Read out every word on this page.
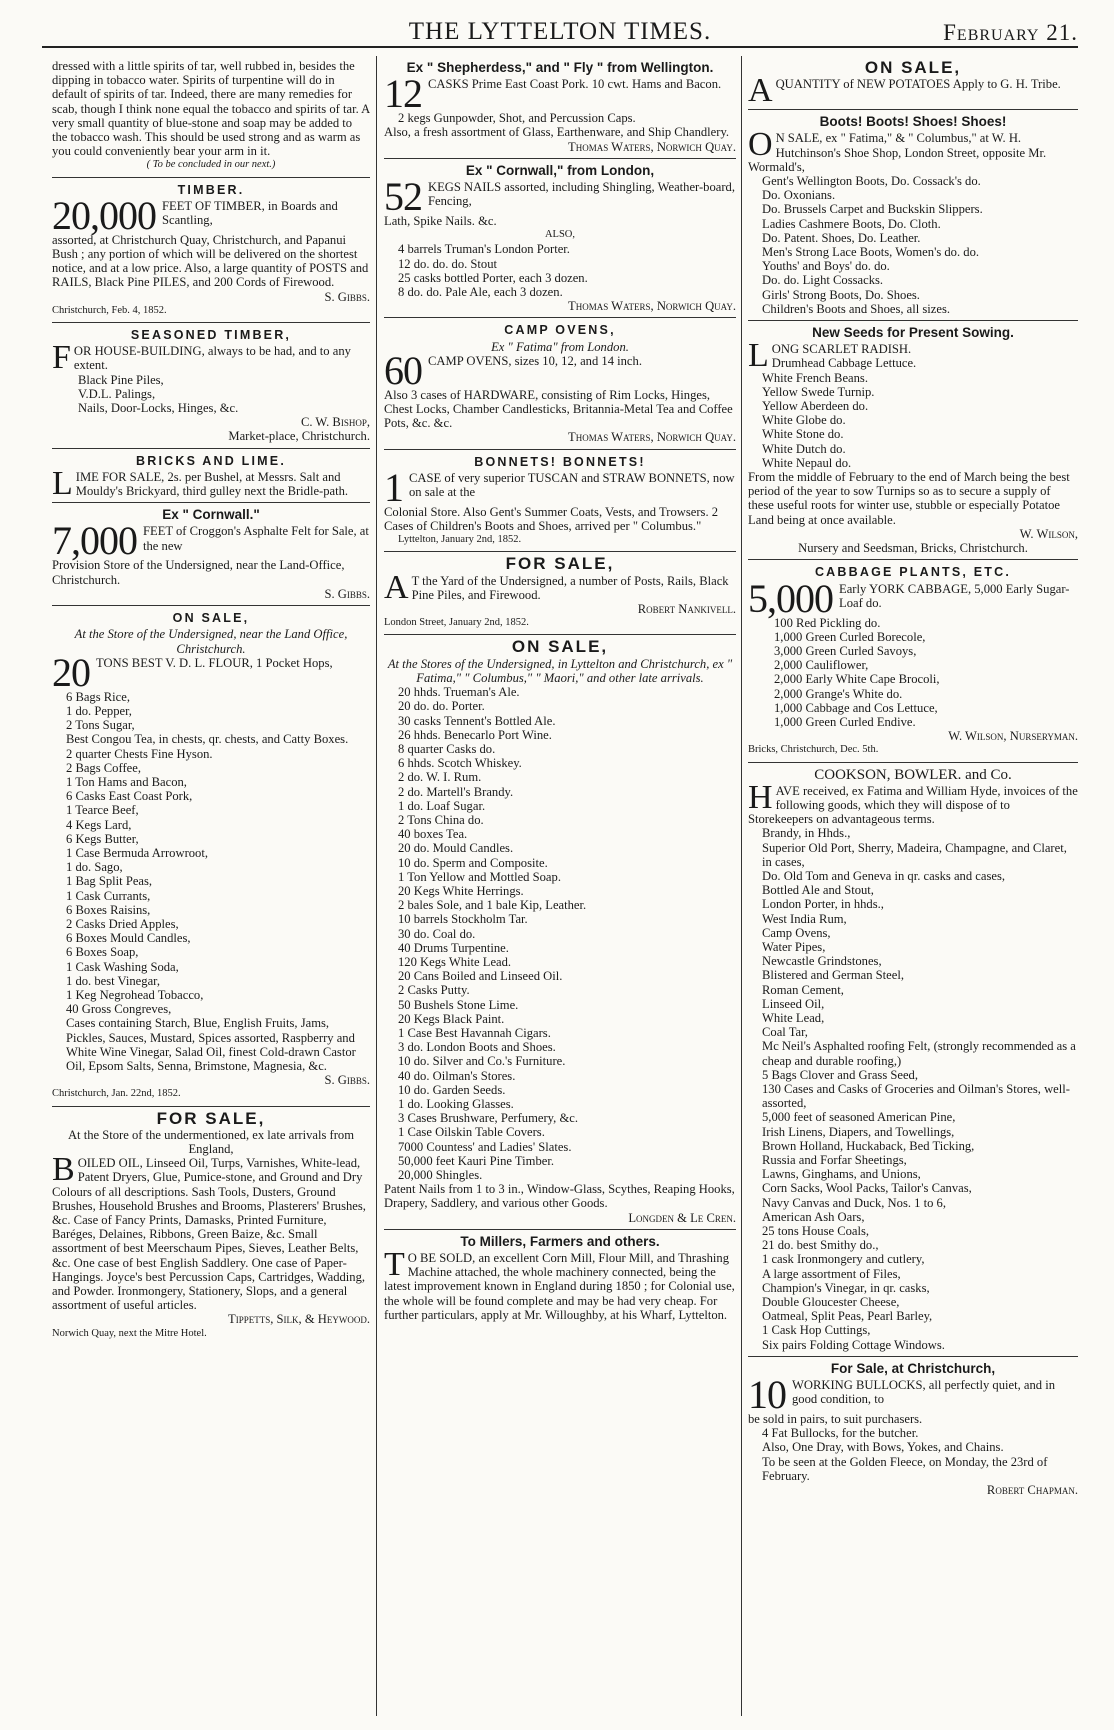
THE LYTTELTON TIMES.	February 21.

dressed with a little spirits of tar, well rubbed in, besides the dipping in tobacco water. Spirits of turpentine will do in default of spirits of tar. Indeed, there are many remedies for scab, though I think none equal the tobacco and spirits of tar. A very small quantity of blue-stone and soap may be added to the tobacco wash. This should be used strong and as warm as you could conveniently bear your arm in it.

( To be concluded in our next.)

TIMBER.
20,000 FEET OF TIMBER, in Boards and Scantling,

assorted, at Christchurch Quay, Christchurch, and Papanui Bush ; any portion of which will be delivered on the shortest notice, and at a low price. Also, a large quantity of POSTS and RAILS, Black Pine PILES, and 200 Cords of Firewood.

S. Gibbs.

Christchurch, Feb. 4, 1852.

SEASONED TIMBER,
F OR HOUSE-BUILDING, always to be had, and to any extent.

Black Pine Piles,

V.D.L. Palings,

Nails, Door-Locks, Hinges, &c.

C. W. Bishop,

Market-place, Christchurch.

BRICKS AND LIME.
L IME FOR SALE, 2s. per Bushel, at Messrs. Salt and Mouldy's Brickyard, third gulley next the Bridle-path.

Ex " Cornwall."
7,000 FEET of Croggon's Asphalte Felt for Sale, at the new

Provision Store of the Undersigned, near the Land-Office, Christchurch.

S. Gibbs.

ON SALE,

At the Store of the Undersigned, near the Land Office, Christchurch.

20 TONS BEST V. D. L. FLOUR, 1 Pocket Hops,

6 Bags Rice,

1 do. Pepper,

2 Tons Sugar,

Best Congou Tea, in chests, qr. chests, and Catty Boxes.

2 quarter Chests Fine Hyson.

2 Bags Coffee,

1 Ton Hams and Bacon,

6 Casks East Coast Pork,

1 Tearce Beef,

4 Kegs Lard,

6 Kegs Butter,

1 Case Bermuda Arrowroot,

1 do. Sago,

1 Bag Split Peas,

1 Cask Currants,

6 Boxes Raisins,

2 Casks Dried Apples,

6 Boxes Mould Candles,

6 Boxes Soap,

1 Cask Washing Soda,

1 do. best Vinegar,

1 Keg Negrohead Tobacco,

40 Gross Congreves,

Cases containing Starch, Blue, English Fruits, Jams, Pickles, Sauces, Mustard, Spices assorted, Raspberry and White Wine Vinegar, Salad Oil, finest Cold-drawn Castor Oil, Epsom Salts, Senna, Brimstone, Magnesia, &c.

S. Gibbs.

Christchurch, Jan. 22nd, 1852.

FOR SALE,

At the Store of the undermentioned, ex late arrivals from England,

B OILED OIL, Linseed Oil, Turps, Varnishes, White-lead, Patent Dryers, Glue, Pumice-stone, and Ground and Dry Colours of all descriptions. Sash Tools, Dusters, Ground Brushes, Household Brushes and Brooms, Plasterers' Brushes, &c. Case of Fancy Prints, Damasks, Printed Furniture, Baréges, Delaines, Ribbons, Green Baize, &c. Small assortment of best Meerschaum Pipes, Sieves, Leather Belts, &c. One case of best English Saddlery. One case of Paper-Hangings. Joyce's best Percussion Caps, Cartridges, Wadding, and Powder. Ironmongery, Stationery, Slops, and a general assortment of useful articles.

Tippetts, Silk, & Heywood.

Norwich Quay, next the Mitre Hotel.

Ex " Shepherdess," and " Fly " from Wellington.
12 CASKS Prime East Coast Pork. 10 cwt. Hams and Bacon.

2 kegs Gunpowder, Shot, and Percussion Caps.

Also, a fresh assortment of Glass, Earthenware, and Ship Chandlery.

Thomas Waters, Norwich Quay.

Ex " Cornwall," from London,
52 KEGS NAILS assorted, including Shingling, Weather-board, Fencing,

Lath, Spike Nails. &c.

ALSO,

4 barrels Truman's London Porter.

12 do. do. do. Stout

25 casks bottled Porter, each 3 dozen.

8 do. do. Pale Ale, each 3 dozen.

Thomas Waters, Norwich Quay.

CAMP OVENS,

Ex " Fatima" from London.

60 CAMP OVENS, sizes 10, 12, and 14 inch.

Also 3 cases of HARDWARE, consisting of Rim Locks, Hinges, Chest Locks, Chamber Candlesticks, Britannia-Metal Tea and Coffee Pots, &c. &c.

Thomas Waters, Norwich Quay.

BONNETS! BONNETS!
1 CASE of very superior TUSCAN and STRAW BONNETS, now on sale at the

Colonial Store. Also Gent's Summer Coats, Vests, and Trowsers. 2 Cases of Children's Boots and Shoes, arrived per " Columbus."

Lyttelton, January 2nd, 1852.

FOR SALE,
A T the Yard of the Undersigned, a number of Posts, Rails, Black Pine Piles, and Firewood.

Robert Nankivell.

London Street, January 2nd, 1852.

ON SALE,

At the Stores of the Undersigned, in Lyttelton and Christchurch, ex " Fatima," " Columbus," " Maori," and other late arrivals.

20 hhds. Trueman's Ale.

20 do. do. Porter.

30 casks Tennent's Bottled Ale.

26 hhds. Benecarlo Port Wine.

8 quarter Casks do.

6 hhds. Scotch Whiskey.

2 do. W. I. Rum.

2 do. Martell's Brandy.

1 do. Loaf Sugar.

2 Tons China do.

40 boxes Tea.

20 do. Mould Candles.

10 do. Sperm and Composite.

1 Ton Yellow and Mottled Soap.

20 Kegs White Herrings.

2 bales Sole, and 1 bale Kip, Leather.

10 barrels Stockholm Tar.

30 do. Coal do.

40 Drums Turpentine.

120 Kegs White Lead.

20 Cans Boiled and Linseed Oil.

2 Casks Putty.

50 Bushels Stone Lime.

20 Kegs Black Paint.

1 Case Best Havannah Cigars.

3 do. London Boots and Shoes.

10 do. Silver and Co.'s Furniture.

40 do. Oilman's Stores.

10 do. Garden Seeds.

1 do. Looking Glasses.

3 Cases Brushware, Perfumery, &c.

1 Case Oilskin Table Covers.

7000 Countess' and Ladies' Slates.

50,000 feet Kauri Pine Timber.

20,000 Shingles.

Patent Nails from 1 to 3 in., Window-Glass, Scythes, Reaping Hooks, Drapery, Saddlery, and various other Goods.

Longden & Le Cren.

To Millers, Farmers and others.
T O BE SOLD, an excellent Corn Mill, Flour Mill, and Thrashing Machine attached, the whole machinery connected, being the latest improvement known in England during 1850 ; for Colonial use, the whole will be found complete and may be had very cheap. For further particulars, apply at Mr. Willoughby, at his Wharf, Lyttelton.

ON SALE,
A QUANTITY of NEW POTATOES Apply to G. H. Tribe.

Boots! Boots! Shoes! Shoes!
O N SALE, ex " Fatima," & " Columbus," at W. H. Hutchinson's Shoe Shop, London Street, opposite Mr. Wormald's,

Gent's Wellington Boots, Do. Cossack's do.

Do. Oxonians.

Do. Brussels Carpet and Buckskin Slippers.

Ladies Cashmere Boots, Do. Cloth.

Do. Patent. Shoes, Do. Leather.

Men's Strong Lace Boots, Women's do. do.

Youths' and Boys' do. do.

Do. do. Light Cossacks.

Girls' Strong Boots, Do. Shoes.

Children's Boots and Shoes, all sizes.

New Seeds for Present Sowing.
L ONG SCARLET RADISH.

Drumhead Cabbage Lettuce.

White French Beans.

Yellow Swede Turnip.

Yellow Aberdeen do.

White Globe do.

White Stone do.

White Dutch do.

White Nepaul do.

From the middle of February to the end of March being the best period of the year to sow Turnips so as to secure a supply of these useful roots for winter use, stubble or especially Potatoe Land being at once available.

W. Wilson,

Nursery and Seedsman, Bricks, Christchurch.

CABBAGE PLANTS, ETC.
5,000 Early YORK CABBAGE, 5,000 Early Sugar-Loaf do.

100 Red Pickling do.

1,000 Green Curled Borecole,

3,000 Green Curled Savoys,

2,000 Cauliflower,

2,000 Early White Cape Brocoli,

2,000 Grange's White do.

1,000 Cabbage and Cos Lettuce,

1,000 Green Curled Endive.

W. Wilson, Nurseryman.

Bricks, Christchurch, Dec. 5th.

COOKSON, BOWLER. and Co.
H AVE received, ex Fatima and William Hyde, invoices of the following goods, which they will dispose of to Storekeepers on advantageous terms.

Brandy, in Hhds.,

Superior Old Port, Sherry, Madeira, Champagne, and Claret, in cases,

Do. Old Tom and Geneva in qr. casks and cases,

Bottled Ale and Stout,

London Porter, in hhds.,

West India Rum,

Camp Ovens,

Water Pipes,

Newcastle Grindstones,

Blistered and German Steel,

Roman Cement,

Linseed Oil,

White Lead,

Coal Tar,

Mc Neil's Asphalted roofing Felt, (strongly recommended as a cheap and durable roofing,)

5 Bags Clover and Grass Seed,

130 Cases and Casks of Groceries and Oilman's Stores, well-assorted,

5,000 feet of seasoned American Pine,

Irish Linens, Diapers, and Towellings,

Brown Holland, Huckaback, Bed Ticking,

Russia and Forfar Sheetings,

Lawns, Ginghams, and Unions,

Corn Sacks, Wool Packs, Tailor's Canvas,

Navy Canvas and Duck, Nos. 1 to 6,

American Ash Oars,

25 tons House Coals,

21 do. best Smithy do.,

1 cask Ironmongery and cutlery,

A large assortment of Files,

Champion's Vinegar, in qr. casks,

Double Gloucester Cheese,

Oatmeal, Split Peas, Pearl Barley,

1 Cask Hop Cuttings,

Six pairs Folding Cottage Windows.

For Sale, at Christchurch,
10 WORKING BULLOCKS, all perfectly quiet, and in good condition, to

be sold in pairs, to suit purchasers.

4 Fat Bullocks, for the butcher.

Also, One Dray, with Bows, Yokes, and Chains.

To be seen at the Golden Fleece, on Monday, the 23rd of February.

Robert Chapman.
